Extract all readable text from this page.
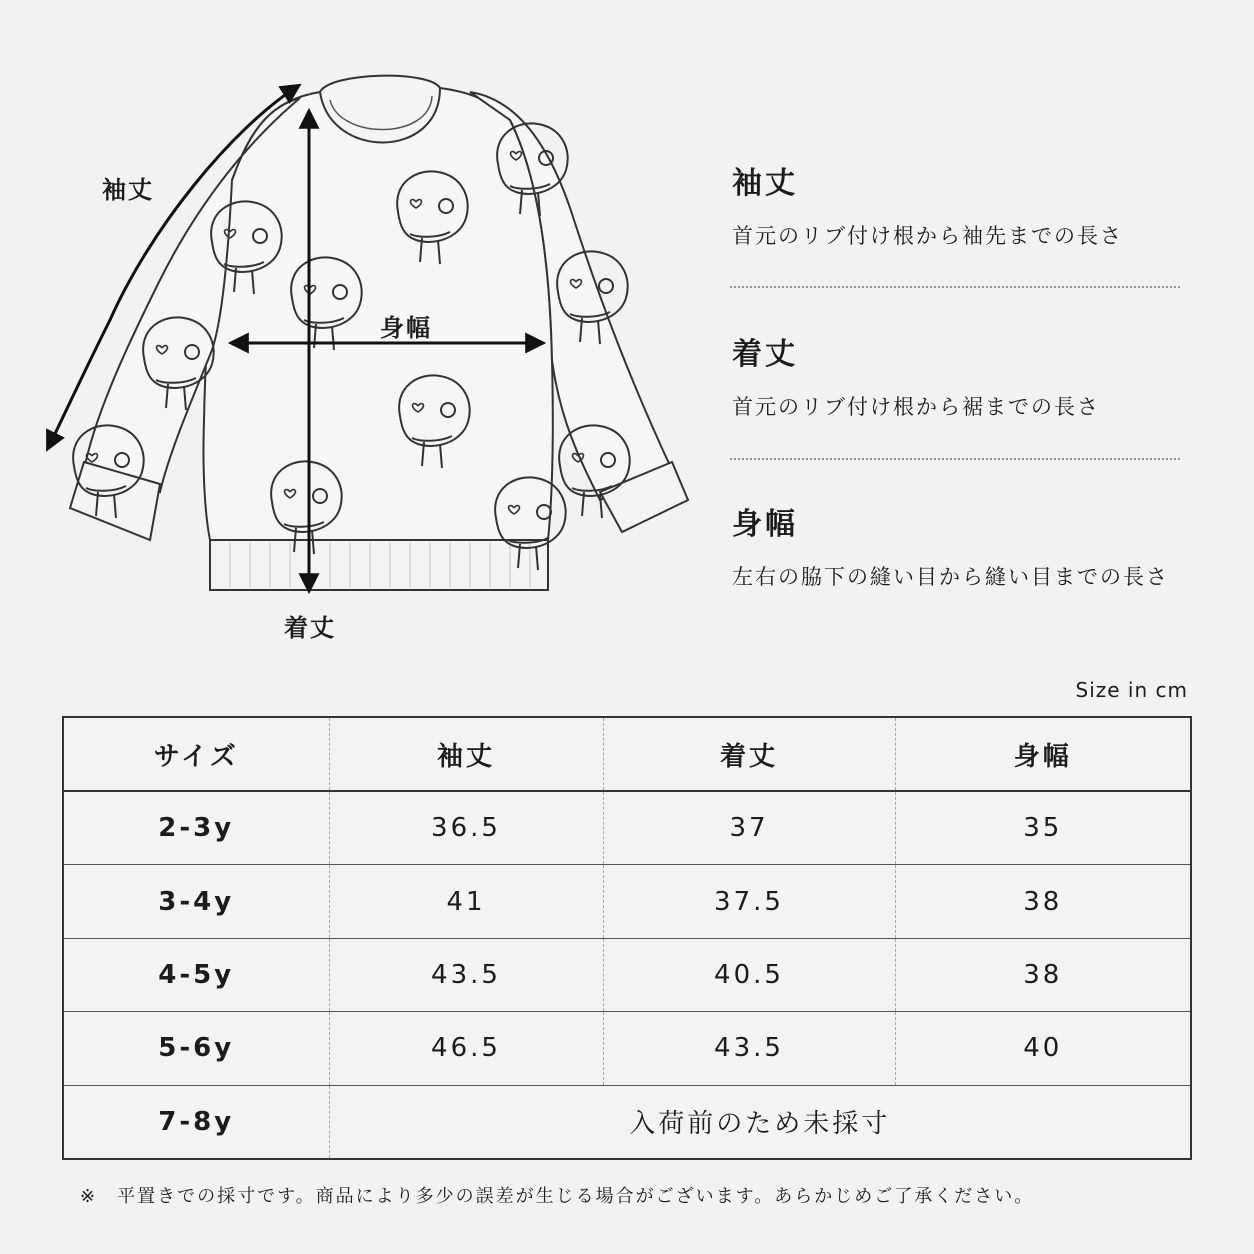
袖丈
身幅
着丈
袖丈
首元のリブ付け根から袖先までの長さ
着丈
首元のリブ付け根から裾までの長さ
身幅
左右の脇下の縫い目から縫い目までの長さ
Size in cm
サイズ	袖丈	着丈	身幅
2-3y	36.5	37	35
3-4y	41	37.5	38
4-5y	43.5	40.5	38
5-6y	46.5	43.5	40
7-8y	入荷前のため未採寸		
※　平置きでの採寸です。商品により多少の誤差が生じる場合がございます。あらかじめご了承ください。
